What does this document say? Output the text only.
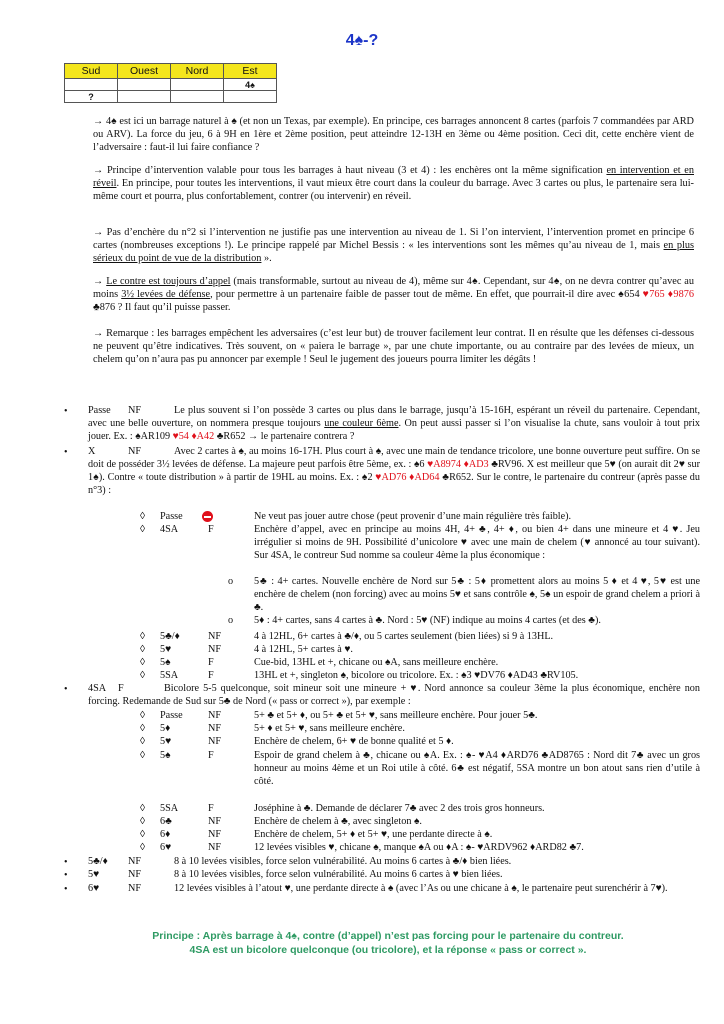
4♠-?
Sud	Ouest	Nord	Est
			4♠
?			
→ 4♠ est ici un barrage naturel à ♠ (et non un Texas, par exemple). En principe, ces barrages annoncent 8 cartes (parfois 7 commandées par ARD ou ARV). La force du jeu, 6 à 9H en 1ère et 2ème position, peut atteindre 12-13H en 3ème ou 4ème position. Ceci dit, cette enchère vient de l’adversaire : faut-il lui faire confiance ?
→ Principe d’intervention valable pour tous les barrages à haut niveau (3 et 4) : les enchères ont la même signification en intervention et en réveil. En principe, pour toutes les interventions, il vaut mieux être court dans la couleur du barrage. Avec 3 cartes ou plus, le partenaire sera lui-même court et pourra, plus confortablement, contrer (ou intervenir) en réveil.
→ Pas d’enchère du n°2 si l’intervention ne justifie pas une intervention au niveau de 1. Si l’on intervient, l’intervention promet en principe 6 cartes (nombreuses exceptions !). Le principe rappelé par Michel Bessis : « les interventions sont les mêmes qu’au niveau de 1, mais en plus sérieux du point de vue de la distribution ».
→ Le contre est toujours d’appel (mais transformable, surtout au niveau de 4), même sur 4♠. Cependant, sur 4♠, on ne devra contrer qu’avec au moins 3½ levées de défense, pour permettre à un partenaire faible de passer tout de même. En effet, que pourrait-il dire avec ♠654 ♥765 ♦9876 ♣876 ? Il faut qu’il puisse passer.
→ Remarque : les barrages empêchent les adversaires (c’est leur but) de trouver facilement leur contrat. Il en résulte que les défenses ci-dessous ne peuvent qu’être indicatives. Très souvent, on « paiera le barrage », par une chute importante, ou au contraire par des levées de mieux, un chelem qu’on n’aura pas pu annoncer par exemple ! Seul le jugement des joueurs pourra limiter les dégâts !
• Passe NF	Le plus souvent si l’on possède 3 cartes ou plus dans le barrage, jusqu’à 15-16H, espérant un réveil du partenaire. Cependant, avec une belle ouverture, on nommera presque toujours une couleur 6ème. On peut aussi passer si l’on visualise la chute, sans vouloir à tout prix jouer. Ex. : ♠AR109 ♥54 ♦A42 ♣R652 → le partenaire contrera ?
• X	NF	Avec 2 cartes à ♠, au moins 16-17H. Plus court à ♠, avec une main de tendance tricolore, une bonne ouverture peut suffire. On se doit de posséder 3½ levées de défense. La majeure peut parfois être 5ème, ex. : ♠6 ♥A8974 ♦AD3 ♣RV96. X est meilleur que 5♥ (on aurait dit 2♥ sur 1♠). Contre « toute distribution » à partir de 19HL au moins. Ex. : ♠2 ♥AD76 ♦AD64 ♣R652. Sur le contre, le partenaire du contreur (après passe du n°3) :
◊ Passe	Ne veut pas jouer autre chose (peut provenir d’une main régulière très faible).
◊ 4SA	F	Enchère d’appel, avec en principe au moins 4H, 4+ ♣, 4+ ♦, ou bien 4+ dans une mineure et 4 ♥. Jeu irrégulier si moins de 9H. Possibilité d’unicolore ♥ avec une main de chelem (♥ annoncé au tour suivant). Sur 4SA, le contreur Sud nomme sa couleur 4ème la plus économique :
o 5♣ : 4+ cartes. Nouvelle enchère de Nord sur 5♣ : 5♦ promettent alors au moins 5 ♦ et 4 ♥, 5♥ est une enchère de chelem (non forcing) avec au moins 5♥ et sans contrôle ♠, 5♠ un espoir de grand chelem a priori à ♣.
o 5♦ : 4+ cartes, sans 4 cartes à ♣. Nord : 5♥ (NF) indique au moins 4 cartes (et des ♣).
◊ 5♣/♦	NF	4 à 12HL, 6+ cartes à ♣/♦, ou 5 cartes seulement (bien liées) si 9 à 13HL.
◊ 5♥	NF	4 à 12HL, 5+ cartes à ♥.
◊ 5♠	F	Cue-bid, 13HL et +, chicane ou ♠A, sans meilleure enchère.
◊ 5SA	F	13HL et +, singleton ♠, bicolore ou tricolore. Ex. : ♠3 ♥DV76 ♦AD43 ♣RV105.
• 4SA F	Bicolore 5-5 quelconque, soit mineur soit une mineure + ♥. Nord annonce sa couleur 3ème la plus économique, enchère non forcing. Redemande de Sud sur 5♣ de Nord (« pass or correct »), par exemple :
◊ Passe NF	5+ ♣ et 5+ ♦, ou 5+ ♣ et 5+ ♥, sans meilleure enchère. Pour jouer 5♣.
◊ 5♦	NF	5+ ♦ et 5+ ♥, sans meilleure enchère.
◊ 5♥	NF	Enchère de chelem, 6+ ♥ de bonne qualité et 5 ♦.
◊ 5♠	F	Espoir de grand chelem à ♣, chicane ou ♠A. Ex. : ♠- ♥A4 ♦ARD76 ♣AD8765 : Nord dit 7♣ avec un gros honneur au moins 4ème et un Roi utile à côté. 6♣ est négatif, 5SA montre un bon atout sans rien d’utile à côté.
◊ 5SA	F	Joséphine à ♣. Demande de déclarer 7♣ avec 2 des trois gros honneurs.
◊ 6♣	NF	Enchère de chelem à ♣, avec singleton ♠.
◊ 6♦	NF	Enchère de chelem, 5+ ♦ et 5+ ♥, une perdante directe à ♠.
◊ 6♥	NF	12 levées visibles ♥, chicane ♠, manque ♠A ou ♦A : ♠- ♥ARDV962 ♦ARD82 ♣7.
• 5♣/♦ NF	8 à 10 levées visibles, force selon vulnérabilité. Au moins 6 cartes à ♣/♦ bien liées.
• 5♥	NF	8 à 10 levées visibles, force selon vulnérabilité. Au moins 6 cartes à ♥ bien liées.
• 6♥	NF	12 levées visibles à l’atout ♥, une perdante directe à ♠ (avec l’As ou une chicane à ♠, le partenaire peut surenchérir à 7♥).
Principe : Après barrage à 4♠, contre (d’appel) n’est pas forcing pour le partenaire du contreur.
4SA est un bicolore quelconque (ou tricolore), et la réponse « pass or correct ».
